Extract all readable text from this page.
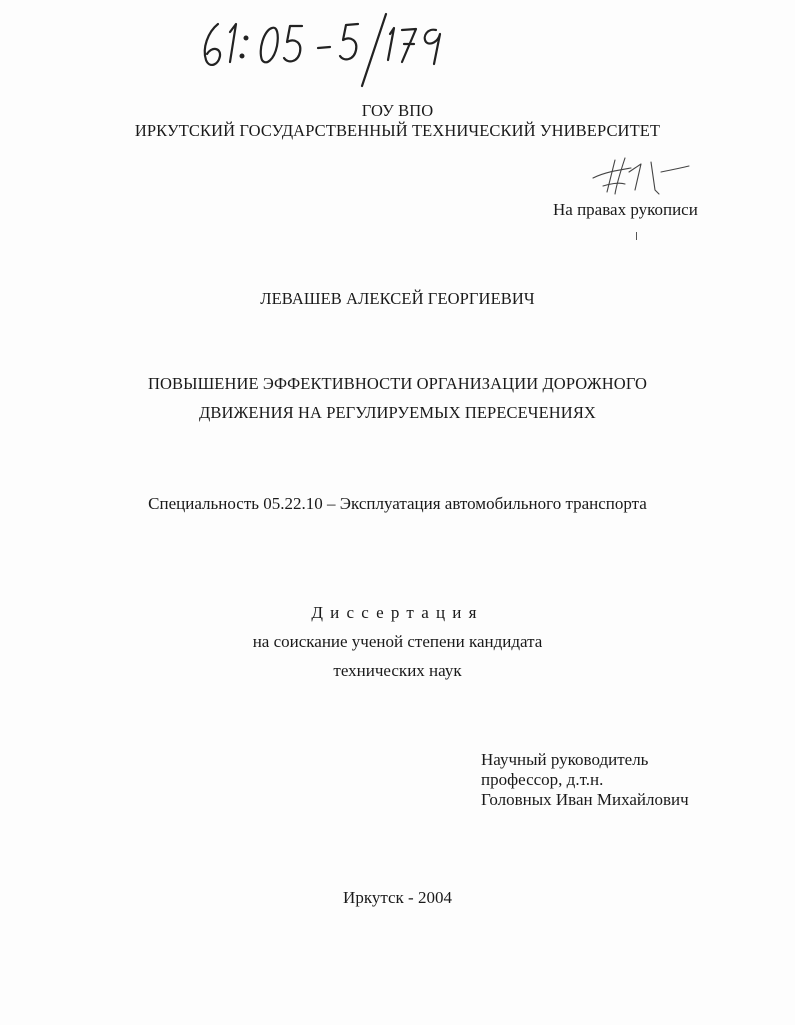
ГОУ ВПО
ИРКУТСКИЙ ГОСУДАРСТВЕННЫЙ ТЕХНИЧЕСКИЙ УНИВЕРСИТЕТ
На правах рукописи
ЛЕВАШЕВ АЛЕКСЕЙ ГЕОРГИЕВИЧ
ПОВЫШЕНИЕ ЭФФЕКТИВНОСТИ ОРГАНИЗАЦИИ ДОРОЖНОГО
ДВИЖЕНИЯ НА РЕГУЛИРУЕМЫХ ПЕРЕСЕЧЕНИЯХ
Специальность 05.22.10 – Эксплуатация автомобильного транспорта
Диссертация
на соискание ученой степени кандидата
технических наук
Научный руководитель
профессор, д.т.н.
Головных Иван Михайлович
Иркутск - 2004
